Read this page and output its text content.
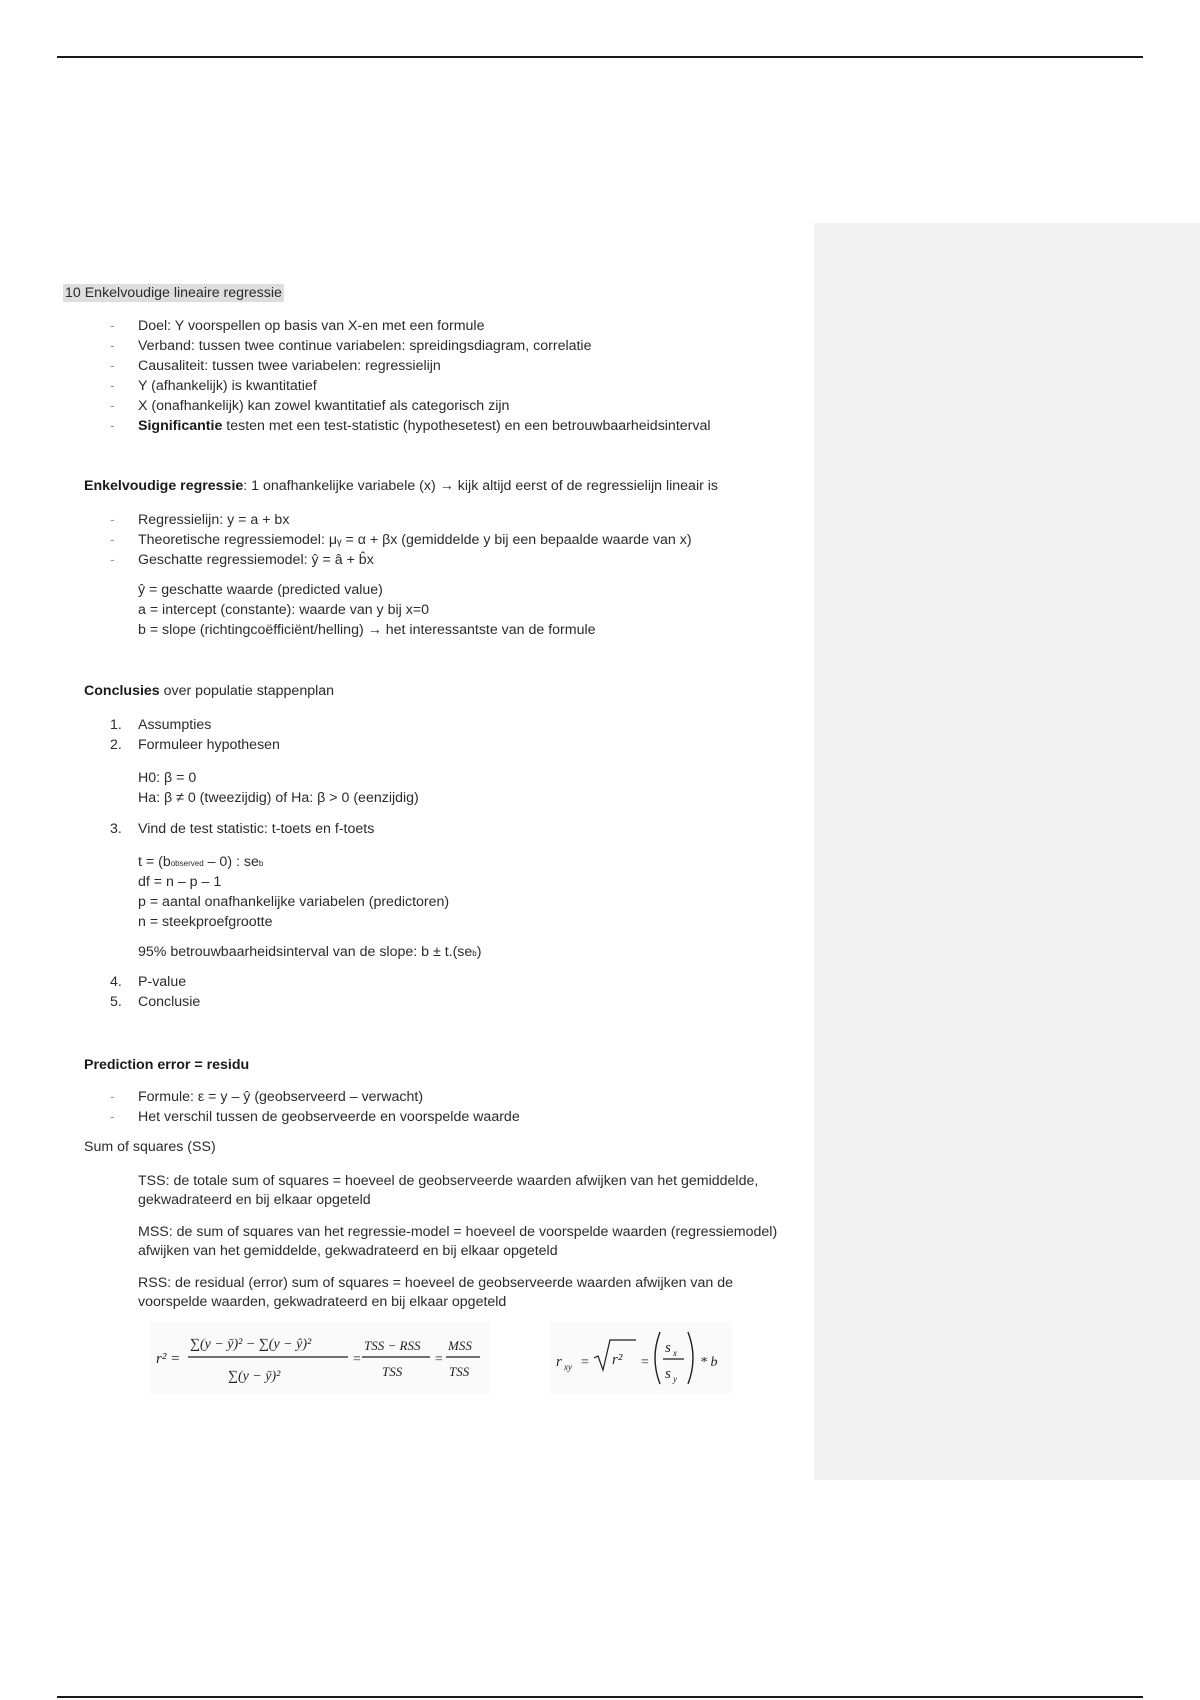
10 Enkelvoudige lineaire regressie
- Doel: Y voorspellen op basis van X-en met een formule
- Verband: tussen twee continue variabelen: spreidingsdiagram, correlatie
- Causaliteit: tussen twee variabelen: regressielijn
- Y (afhankelijk) is kwantitatief
- X (onafhankelijk) kan zowel kwantitatief als categorisch zijn
- Significantie testen met een test-statistic (hypothesetest) en een betrouwbaarheidsinterval
Enkelvoudige regressie: 1 onafhankelijke variabele (x) → kijk altijd eerst of de regressielijn lineair is
- Regressielijn: y = a + bx
- Theoretische regressiemodel: μᵧ = α + βx (gemiddelde y bij een bepaalde waarde van x)
- Geschatte regressiemodel: ŷ = â + b̂x
ŷ = geschatte waarde (predicted value)
a = intercept (constante): waarde van y bij x=0
b = slope (richtingcoëfficiënt/helling) → het interessantste van de formule
Conclusies over populatie stappenplan
1. Assumpties
2. Formuleer hypothesen
H0: β = 0
Ha: β ≠ 0 (tweezijdig) of Ha: β > 0 (eenzijdig)
3. Vind de test statistic: t-toets en f-toets
t = (bobserved – 0) : seb
df = n – p – 1
p = aantal onafhankelijke variabelen (predictoren)
n = steekproefgrootte
95% betrouwbaarheidsinterval van de slope: b ± t.(seb)
4. P-value
5. Conclusie
Prediction error = residu
- Formule: ε = y – ŷ (geobserveerd – verwacht)
- Het verschil tussen de geobserveerde en voorspelde waarde
Sum of squares (SS)
TSS: de totale sum of squares = hoeveel de geobserveerde waarden afwijken van het gemiddelde, gekwadrateerd en bij elkaar opgeteld
MSS: de sum of squares van het regressie-model = hoeveel de voorspelde waarden (regressiemodel) afwijken van het gemiddelde, gekwadrateerd en bij elkaar opgeteld
RSS: de residual (error) sum of squares = hoeveel de geobserveerde waarden afwijken van de voorspelde waarden, gekwadrateerd en bij elkaar opgeteld
r² =
∑(y − ȳ)² − ∑(y − ŷ)²
∑(y − ȳ)²
=
TSS − RSS
TSS
=
MSS
TSS
r xy = r² =
s x
s y
* b
